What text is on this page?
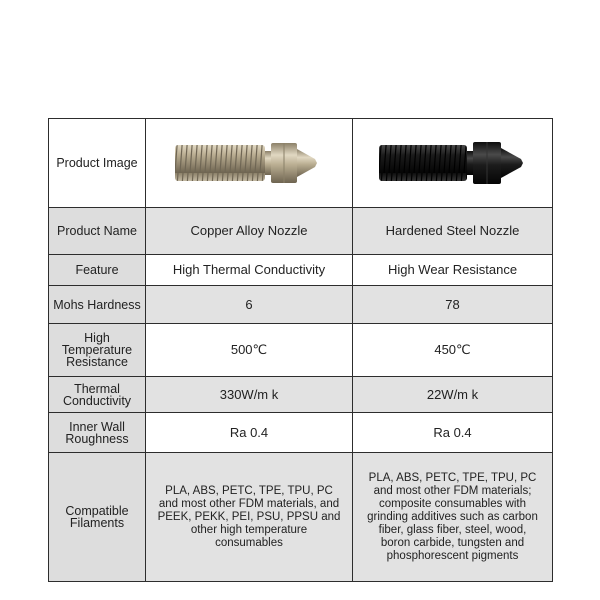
Product Image	

Product Name	Copper Alloy Nozzle	Hardened Steel Nozzle
Feature	High Thermal Conductivity	High Wear Resistance
Mohs Hardness	6	78
High Temperature Resistance	500℃	450℃
Thermal Conductivity	330W/m k	22W/m k
Inner Wall Roughness	Ra 0.4	Ra 0.4
Compatible Filaments	PLA, ABS, PETC, TPE, TPU, PC and most other FDM materials, and PEEK, PEKK, PEI, PSU, PPSU and other high temperature consumables	PLA, ABS, PETC, TPE, TPU, PC and most other FDM materials; composite consumables with grinding additives such as carbon fiber, glass fiber, steel, wood, boron carbide, tungsten and phosphorescent pigments
